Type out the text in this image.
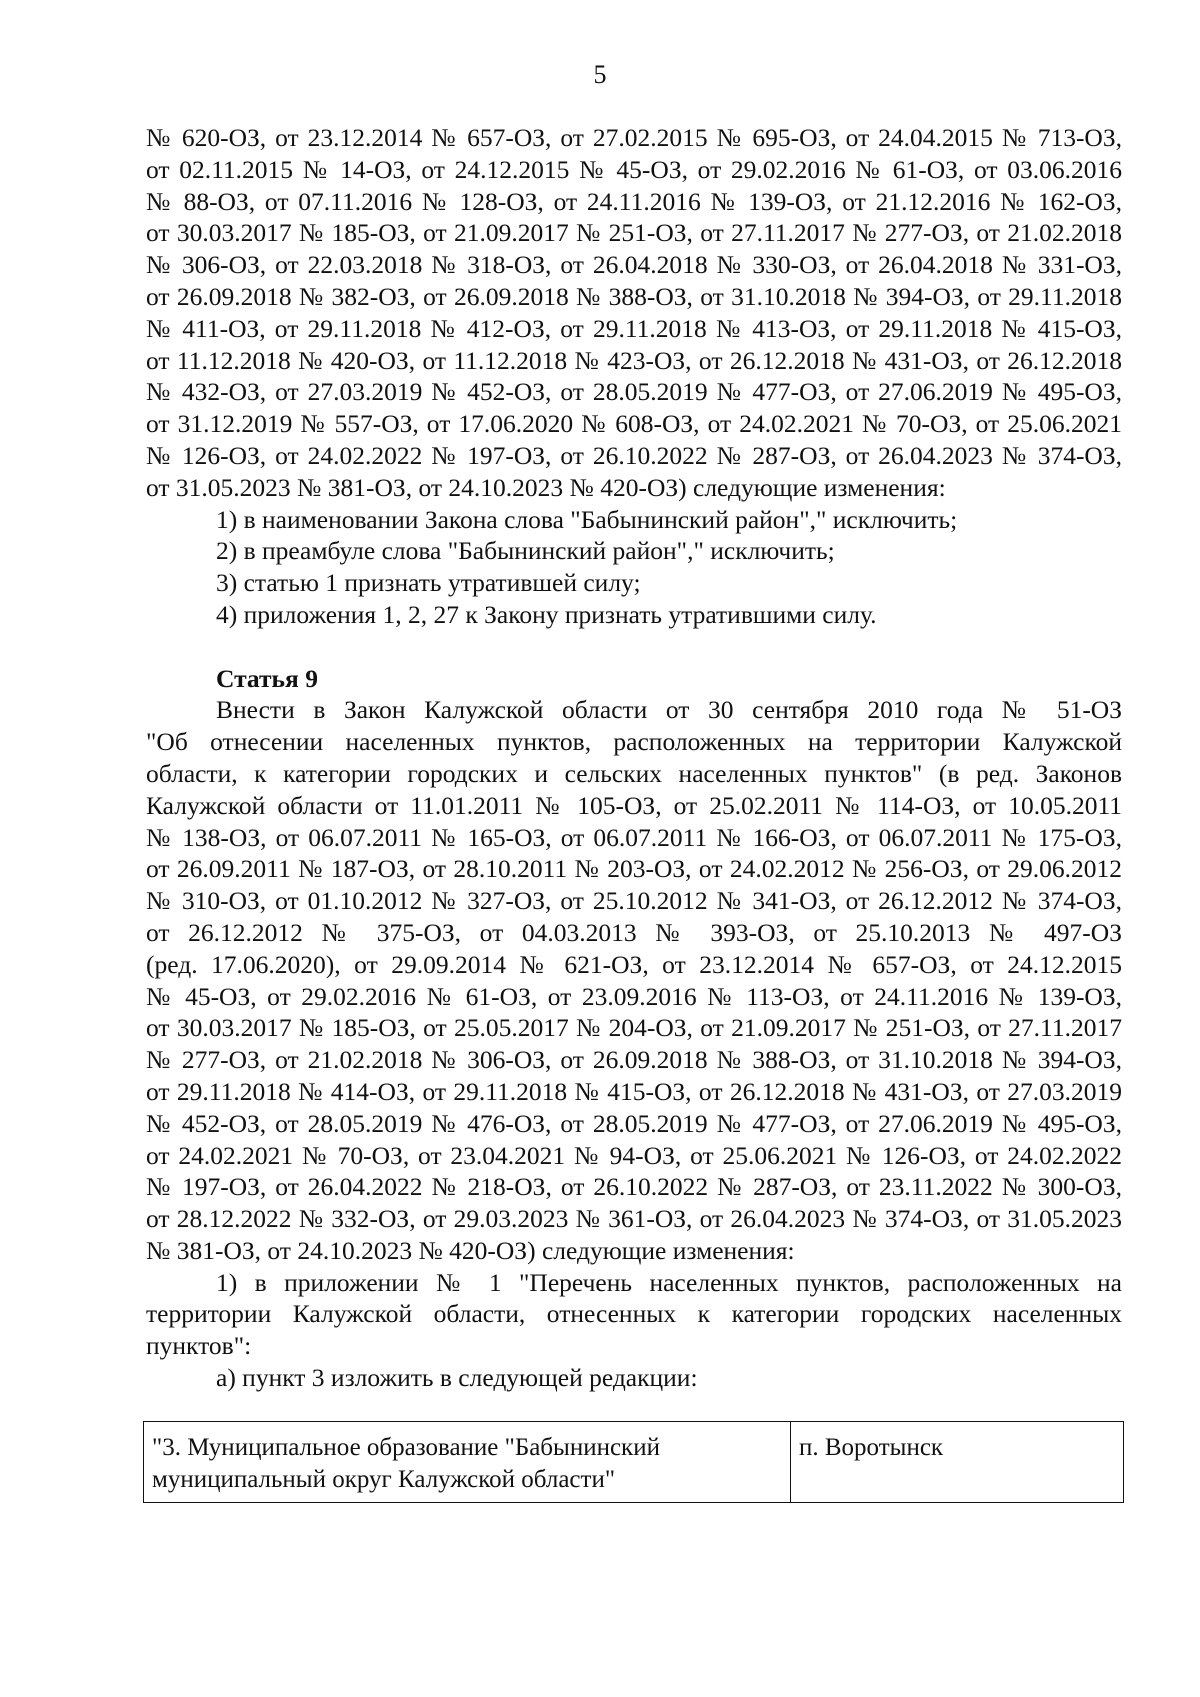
5
№ 620-ОЗ, от 23.12.2014 № 657-ОЗ, от 27.02.2015 № 695-ОЗ, от 24.04.2015 № 713-ОЗ,
от 02.11.2015 № 14-ОЗ, от 24.12.2015 № 45-ОЗ, от 29.02.2016 № 61-ОЗ, от 03.06.2016
№ 88-ОЗ, от 07.11.2016 № 128-ОЗ, от 24.11.2016 № 139-ОЗ, от 21.12.2016 № 162-ОЗ,
от 30.03.2017 № 185-ОЗ, от 21.09.2017 № 251-ОЗ, от 27.11.2017 № 277-ОЗ, от 21.02.2018
№ 306-ОЗ, от 22.03.2018 № 318-ОЗ, от 26.04.2018 № 330-ОЗ, от 26.04.2018 № 331-ОЗ,
от 26.09.2018 № 382-ОЗ, от 26.09.2018 № 388-ОЗ, от 31.10.2018 № 394-ОЗ, от 29.11.2018
№ 411-ОЗ, от 29.11.2018 № 412-ОЗ, от 29.11.2018 № 413-ОЗ, от 29.11.2018 № 415-ОЗ,
от 11.12.2018 № 420-ОЗ, от 11.12.2018 № 423-ОЗ, от 26.12.2018 № 431-ОЗ, от 26.12.2018
№ 432-ОЗ, от 27.03.2019 № 452-ОЗ, от 28.05.2019 № 477-ОЗ, от 27.06.2019 № 495-ОЗ,
от 31.12.2019 № 557-ОЗ, от 17.06.2020 № 608-ОЗ, от 24.02.2021 № 70-ОЗ, от 25.06.2021
№ 126-ОЗ, от 24.02.2022 № 197-ОЗ, от 26.10.2022 № 287-ОЗ, от 26.04.2023 № 374-ОЗ,
от 31.05.2023 № 381-ОЗ, от 24.10.2023 № 420-ОЗ) следующие изменения:
1) в наименовании Закона слова "Бабынинский район"," исключить;
2) в преамбуле слова "Бабынинский район"," исключить;
3) статью 1 признать утратившей силу;
4) приложения 1, 2, 27 к Закону признать утратившими силу.
Статья 9
Внести в Закон Калужской области от 30 сентября 2010 года № 51-ОЗ
"Об отнесении населенных пунктов, расположенных на территории Калужской
области, к категории городских и сельских населенных пунктов" (в ред. Законов
Калужской области от 11.01.2011 № 105-ОЗ, от 25.02.2011 № 114-ОЗ, от 10.05.2011
№ 138-ОЗ, от 06.07.2011 № 165-ОЗ, от 06.07.2011 № 166-ОЗ, от 06.07.2011 № 175-ОЗ,
от 26.09.2011 № 187-ОЗ, от 28.10.2011 № 203-ОЗ, от 24.02.2012 № 256-ОЗ, от 29.06.2012
№ 310-ОЗ, от 01.10.2012 № 327-ОЗ, от 25.10.2012 № 341-ОЗ, от 26.12.2012 № 374-ОЗ,
от 26.12.2012 № 375-ОЗ, от 04.03.2013 № 393-ОЗ, от 25.10.2013 № 497-ОЗ
(ред. 17.06.2020), от 29.09.2014 № 621-ОЗ, от 23.12.2014 № 657-ОЗ, от 24.12.2015
№ 45-ОЗ, от 29.02.2016 № 61-ОЗ, от 23.09.2016 № 113-ОЗ, от 24.11.2016 № 139-ОЗ,
от 30.03.2017 № 185-ОЗ, от 25.05.2017 № 204-ОЗ, от 21.09.2017 № 251-ОЗ, от 27.11.2017
№ 277-ОЗ, от 21.02.2018 № 306-ОЗ, от 26.09.2018 № 388-ОЗ, от 31.10.2018 № 394-ОЗ,
от 29.11.2018 № 414-ОЗ, от 29.11.2018 № 415-ОЗ, от 26.12.2018 № 431-ОЗ, от 27.03.2019
№ 452-ОЗ, от 28.05.2019 № 476-ОЗ, от 28.05.2019 № 477-ОЗ, от 27.06.2019 № 495-ОЗ,
от 24.02.2021 № 70-ОЗ, от 23.04.2021 № 94-ОЗ, от 25.06.2021 № 126-ОЗ, от 24.02.2022
№ 197-ОЗ, от 26.04.2022 № 218-ОЗ, от 26.10.2022 № 287-ОЗ, от 23.11.2022 № 300-ОЗ,
от 28.12.2022 № 332-ОЗ, от 29.03.2023 № 361-ОЗ, от 26.04.2023 № 374-ОЗ, от 31.05.2023
№ 381-ОЗ, от 24.10.2023 № 420-ОЗ) следующие изменения:
1) в приложении № 1 "Перечень населенных пунктов, расположенных на
территории Калужской области, отнесенных к категории городских населенных
пунктов":
а) пункт 3 изложить в следующей редакции:
"3. Муниципальное образование "Бабынинский
муниципальный округ Калужской области"
	п. Воротынск
